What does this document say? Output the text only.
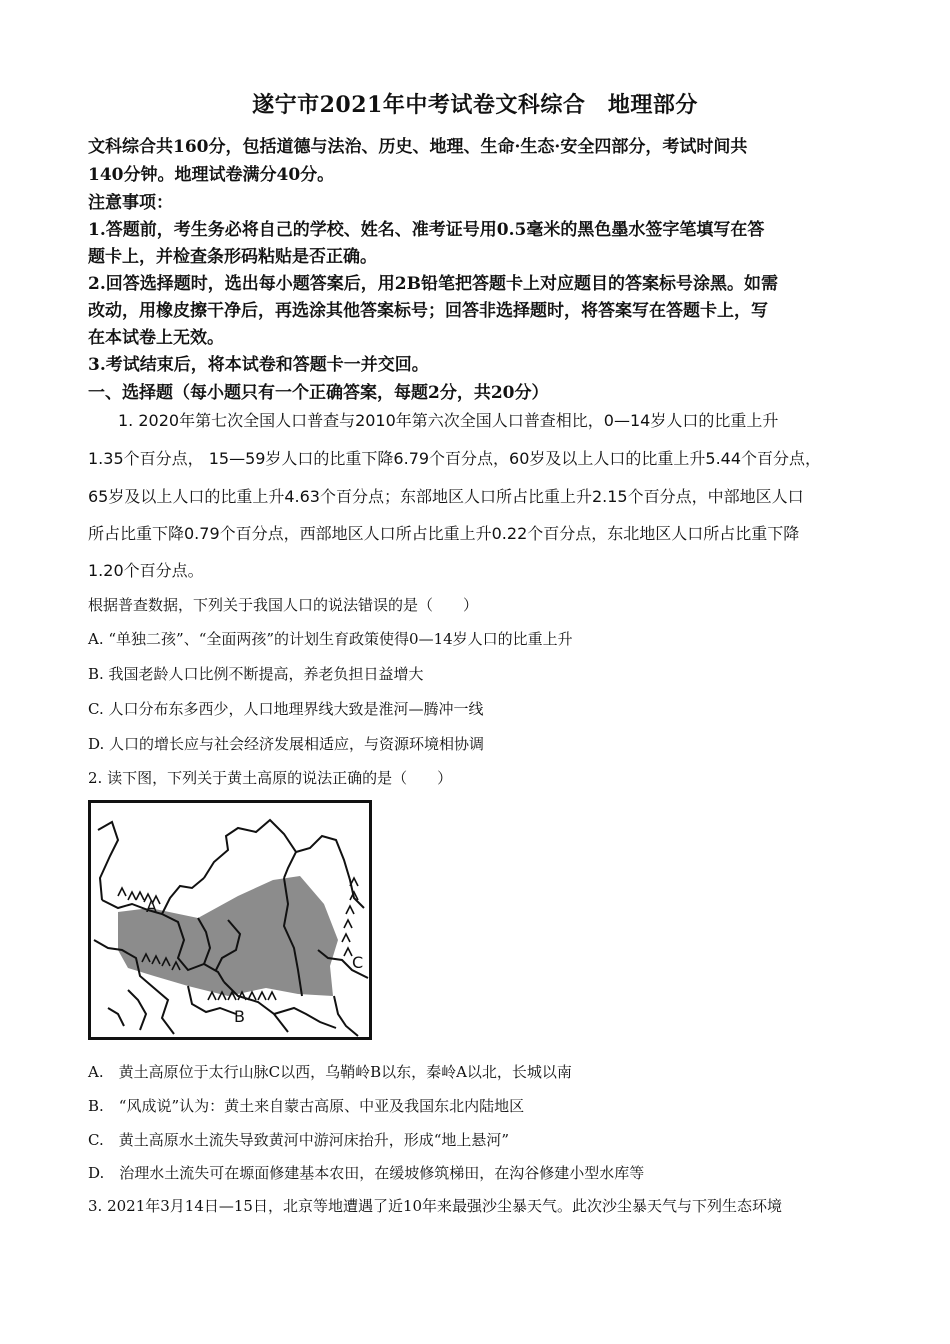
遂宁市2021年中考试卷文科综合　地理部分
文科综合共160分，包括道德与法治、历史、地理、生命·生态·安全四部分，考试时间共
140分钟。地理试卷满分40分。
注意事项：
1.答题前，考生务必将自己的学校、姓名、准考证号用0.5毫米的黑色墨水签字笔填写在答
题卡上，并检查条形码粘贴是否正确。
2.回答选择题时，选出每小题答案后，用2B铅笔把答题卡上对应题目的答案标号涂黑。如需
改动，用橡皮擦干净后，再选涂其他答案标号；回答非选择题时，将答案写在答题卡上，写
在本试卷上无效。
3.考试结束后，将本试卷和答题卡一并交回。
一、选择题（每小题只有一个正确答案，每题2分，共20分）
1. 2020年第七次全国人口普查与2010年第六次全国人口普查相比，0—14岁人口的比重上升
1.35个百分点， 15—59岁人口的比重下降6.79个百分点，60岁及以上人口的比重上升5.44个百分点，
65岁及以上人口的比重上升4.63个百分点；东部地区人口所占比重上升2.15个百分点，中部地区人口
所占比重下降0.79个百分点，西部地区人口所占比重上升0.22个百分点，东北地区人口所占比重下降
1.20个百分点。
根据普查数据，下列关于我国人口的说法错误的是（　　）
A. “单独二孩”、“全面两孩”的计划生育政策使得0—14岁人口的比重上升
B. 我国老龄人口比例不断提高，养老负担日益增大
C. 人口分布东多西少，人口地理界线大致是淮河—腾冲一线
D. 人口的增长应与社会经济发展相适应，与资源环境相协调
2. 读下图，下列关于黄土高原的说法正确的是（　　）
A
B
C
A.　黄土高原位于太行山脉C以西，乌鞘岭B以东，秦岭A以北，长城以南
B.　“风成说”认为：黄土来自蒙古高原、中亚及我国东北内陆地区
C.　黄土高原水土流失导致黄河中游河床抬升，形成“地上悬河”
D.　治理水土流失可在塬面修建基本农田，在缓坡修筑梯田，在沟谷修建小型水库等
3. 2021年3月14日—15日，北京等地遭遇了近10年来最强沙尘暴天气。此次沙尘暴天气与下列生态环境
